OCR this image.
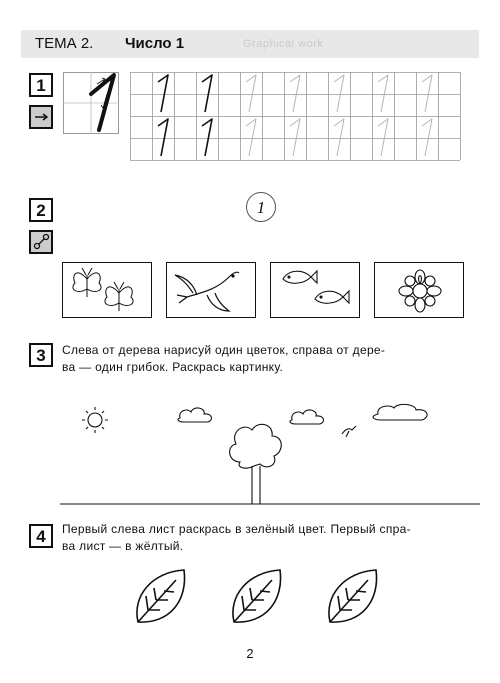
ТЕМА 2. Число 1	Graphical work
1
2	1
3	Слева от дерева нарисуй один цветок, справа от дере-
ва — один грибок. Раскрась картинку.
4	Первый слева лист раскрась в зелёный цвет. Первый спра-
ва лист — в жёлтый.
2
